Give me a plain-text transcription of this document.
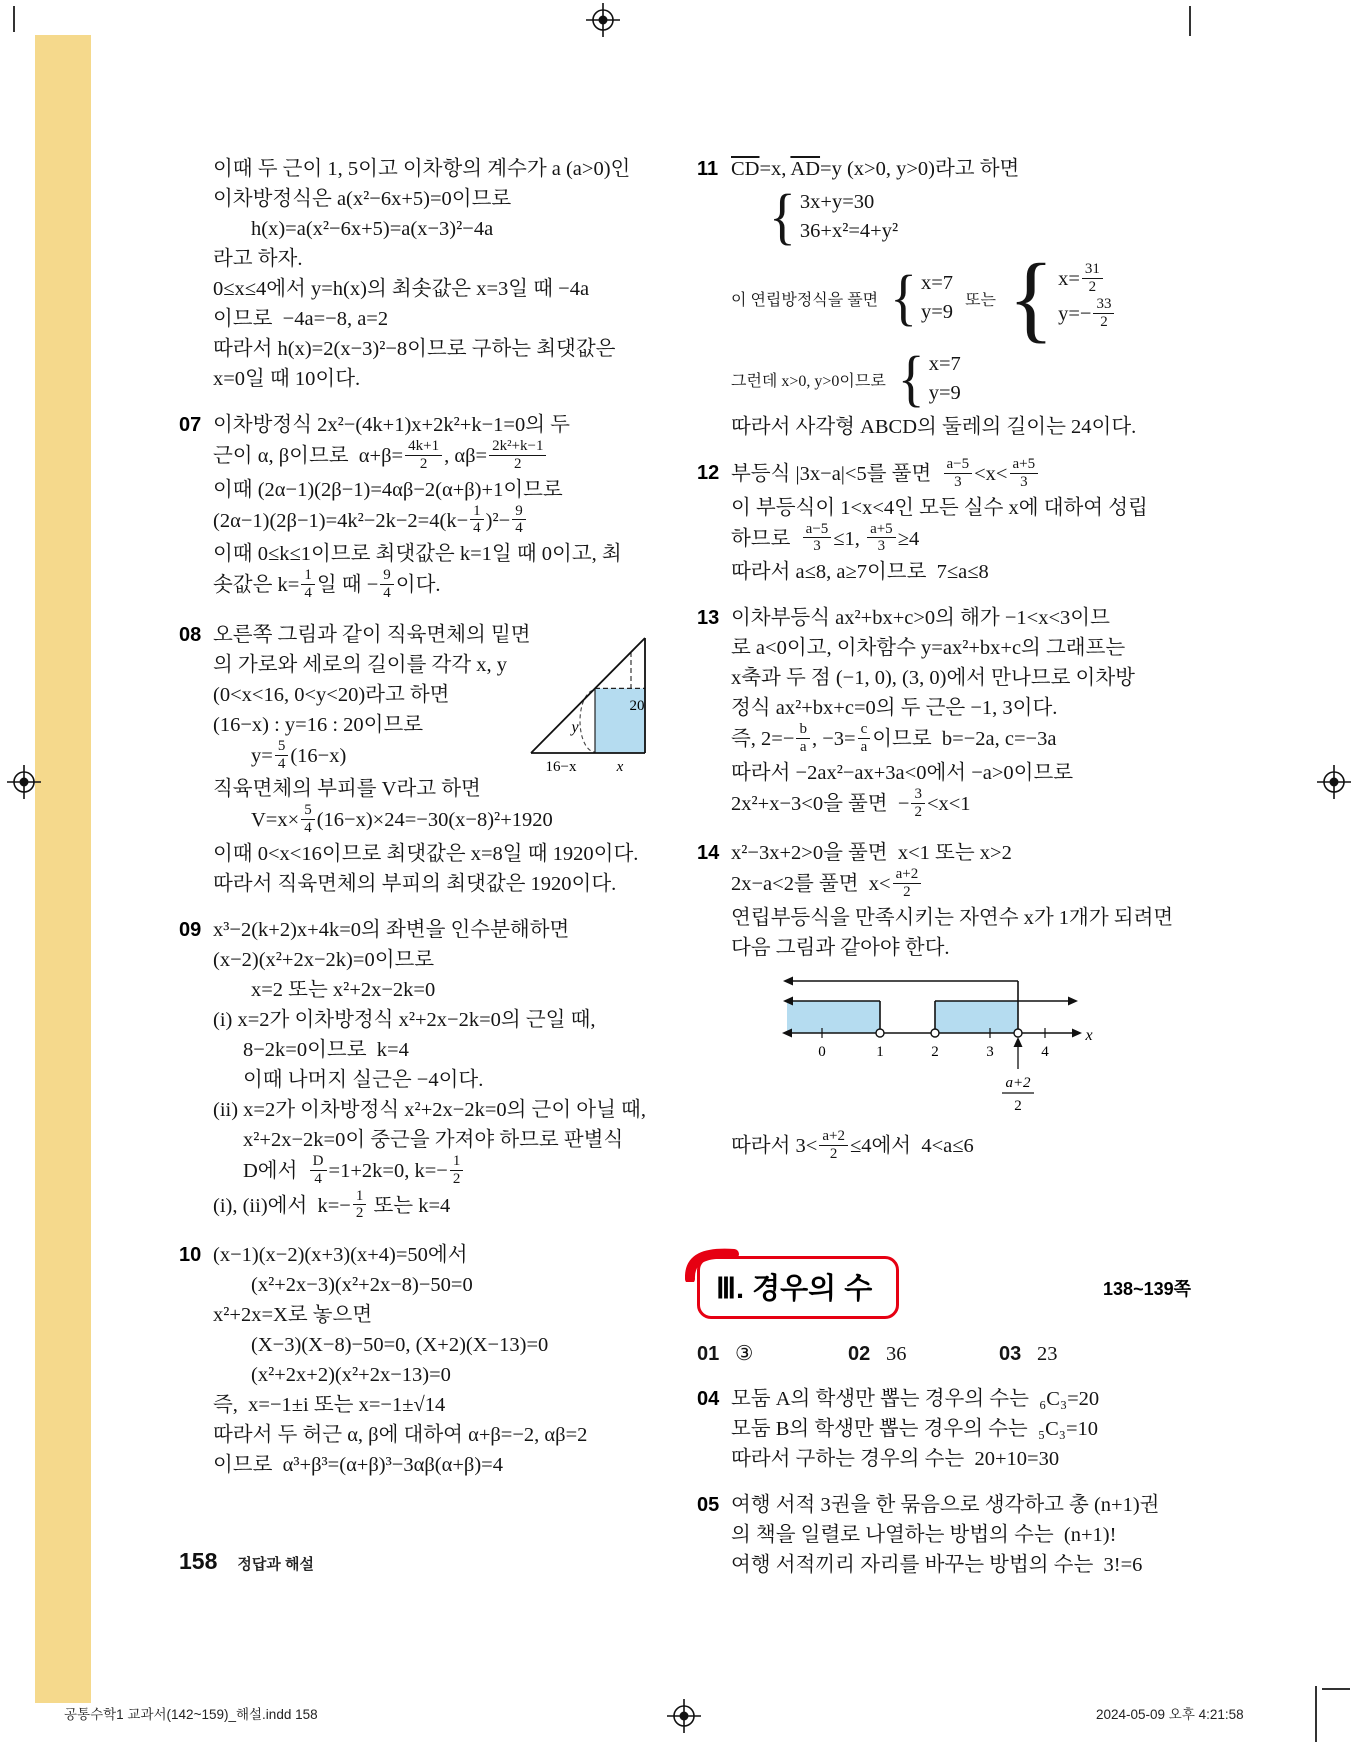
이때 두 근이 1, 5이고 이차항의 계수가 a (a>0)인
이차방정식은 a(x²−6x+5)=0이므로
h(x)=a(x²−6x+5)=a(x−3)²−4a
라고 하자.
0≤x≤4에서 y=h(x)의 최솟값은 x=3일 때 −4a
이므로  −4a=−8, a=2
따라서 h(x)=2(x−3)²−8이므로 구하는 최댓값은
x=0일 때 10이다.
07 이차방정식 2x²−(4k+1)x+2k²+k−1=0의 두
근이 α, β이므로  $\alpha+\beta= \frac{4k+1}{2}$ , $\alpha\beta= \frac{\text{2k²+k−1}}{2}$
이때 (2α−1)(2β−1)=4αβ−2(α+β)+1이므로
$(2\alpha-1)(2\beta-1)=4k^2-2k-2=4(k- \frac{1}{4} )^2- \frac{9}{4}$
이때 0≤k≤1이므로 최댓값은 k=1일 때 0이고, 최
솟값은 $k= \frac{1}{4}$ 일 때 − $\frac{9}{4}$ 이다.
08 오른쪽 그림과 같이 직육면체의 밑면
의 가로와 세로의 길이를 각각 x, y
(0<x<16, 0<y<20)라고 하면
(16−x) : y=16 : 20이므로
$y= \frac{5}{4} (16-x)$
직육면체의 부피를 V라고 하면
$V=x\times \frac{5}{4} (16-x)\times 24=-30(x-8)^2+1920$
이때 0<x<16이므로 최댓값은 x=8일 때 1920이다.
따라서 직육면체의 부피의 최댓값은 1920이다.
20
y
16−x	x
09 x³−2(k+2)x+4k=0의 좌변을 인수분해하면
(x−2)(x²+2x−2k)=0이므로
x=2 또는 x²+2x−2k=0
(i) x=2가 이차방정식 x²+2x−2k=0의 근일 때,
8−2k=0이므로  k=4
이때 나머지 실근은 −4이다.
(ii) x=2가 이차방정식 x²+2x−2k=0의 근이 아닐 때,
x²+2x−2k=0이 중근을 가져야 하므로 판별식
D에서 $\frac{D}{4} =1+2k=0$, $k=- \frac{1}{2}$
(i), (ii)에서  $k=- \frac{1}{2}$ 또는 k=4
10 (x−1)(x−2)(x+3)(x+4)=50에서
(x²+2x−3)(x²+2x−8)−50=0
x²+2x=X로 놓으면
(X−3)(X−8)−50=0, (X+2)(X−13)=0
(x²+2x+2)(x²+2x−13)=0
즉,  x=−1±i 또는 x=−1±√14
따라서 두 허근 α, β에 대하여 α+β=−2, αβ=2
이므로  α³+β³=(α+β)³−3αβ(α+β)=4
11 $\overline{CD}=x$, $\overline{AD}=y$ (x>0, y>0)라고 하면
{ 3x+y=30
36+x²=4+y²
이 연립방정식을 풀면 { x=7
y=9
또는 { $x= \frac{31}{2}$
$y=- \frac{33}{2}$
그런데 x>0, y>0이므로 { x=7
y=9
따라서 사각형 ABCD의 둘레의 길이는 24이다.
12 부등식 |3x−a|<5를 풀면 $\frac{a-5}{3} <x< \frac{a+5}{3}$
이 부등식이 1<x<4인 모든 실수 x에 대하여 성립
하므로 $\frac{a-5}{3} \le 1$, $\frac{a+5}{3} \ge 4$
따라서 a≤8, a≥7이므로  7≤a≤8
13 이차부등식 ax²+bx+c>0의 해가 −1<x<3이므
로 a<0이고, 이차함수 y=ax²+bx+c의 그래프는
x축과 두 점 (−1, 0), (3, 0)에서 만나므로 이차방
정식 ax²+bx+c=0의 두 근은 −1, 3이다.
즉, $2=- \frac{b}{a}$ , $-3= \frac{c}{a}$ 이므로  b=−2a, c=−3a
따라서 −2ax²−ax+3a<0에서 −a>0이므로
2x²+x−3<0을 풀면  − $\frac{3}{2} <x<1$
14 x²−3x+2>0을 풀면  x<1 또는 x>2
2x−a<2를 풀면  $x< \frac{a+2}{2}$
연립부등식을 만족시키는 자연수 x가 1개가 되려면
다음 그림과 같아야 한다.
0	1	2	3	4
x
a+2
2
따라서 $3< \frac{a+2}{2} \le 4$에서  4<a≤6
Ⅲ. 경우의 수	138~139쪽
01 ③	02 36	03 23
04 모둠 A의 학생만 뽑는 경우의 수는  ₆C₃=20
모둠 B의 학생만 뽑는 경우의 수는  ₅C₃=10
따라서 구하는 경우의 수는  20+10=30
05 여행 서적 3권을 한 묶음으로 생각하고 총 (n+1)권
의 책을 일렬로 나열하는 방법의 수는  (n+1)!
여행 서적끼리 자리를 바꾸는 방법의 수는  3!=6
158 정답과 해설
공통수학1 교과서(142~159)_해설.indd 158	2024-05-09 오후 4:21:58
